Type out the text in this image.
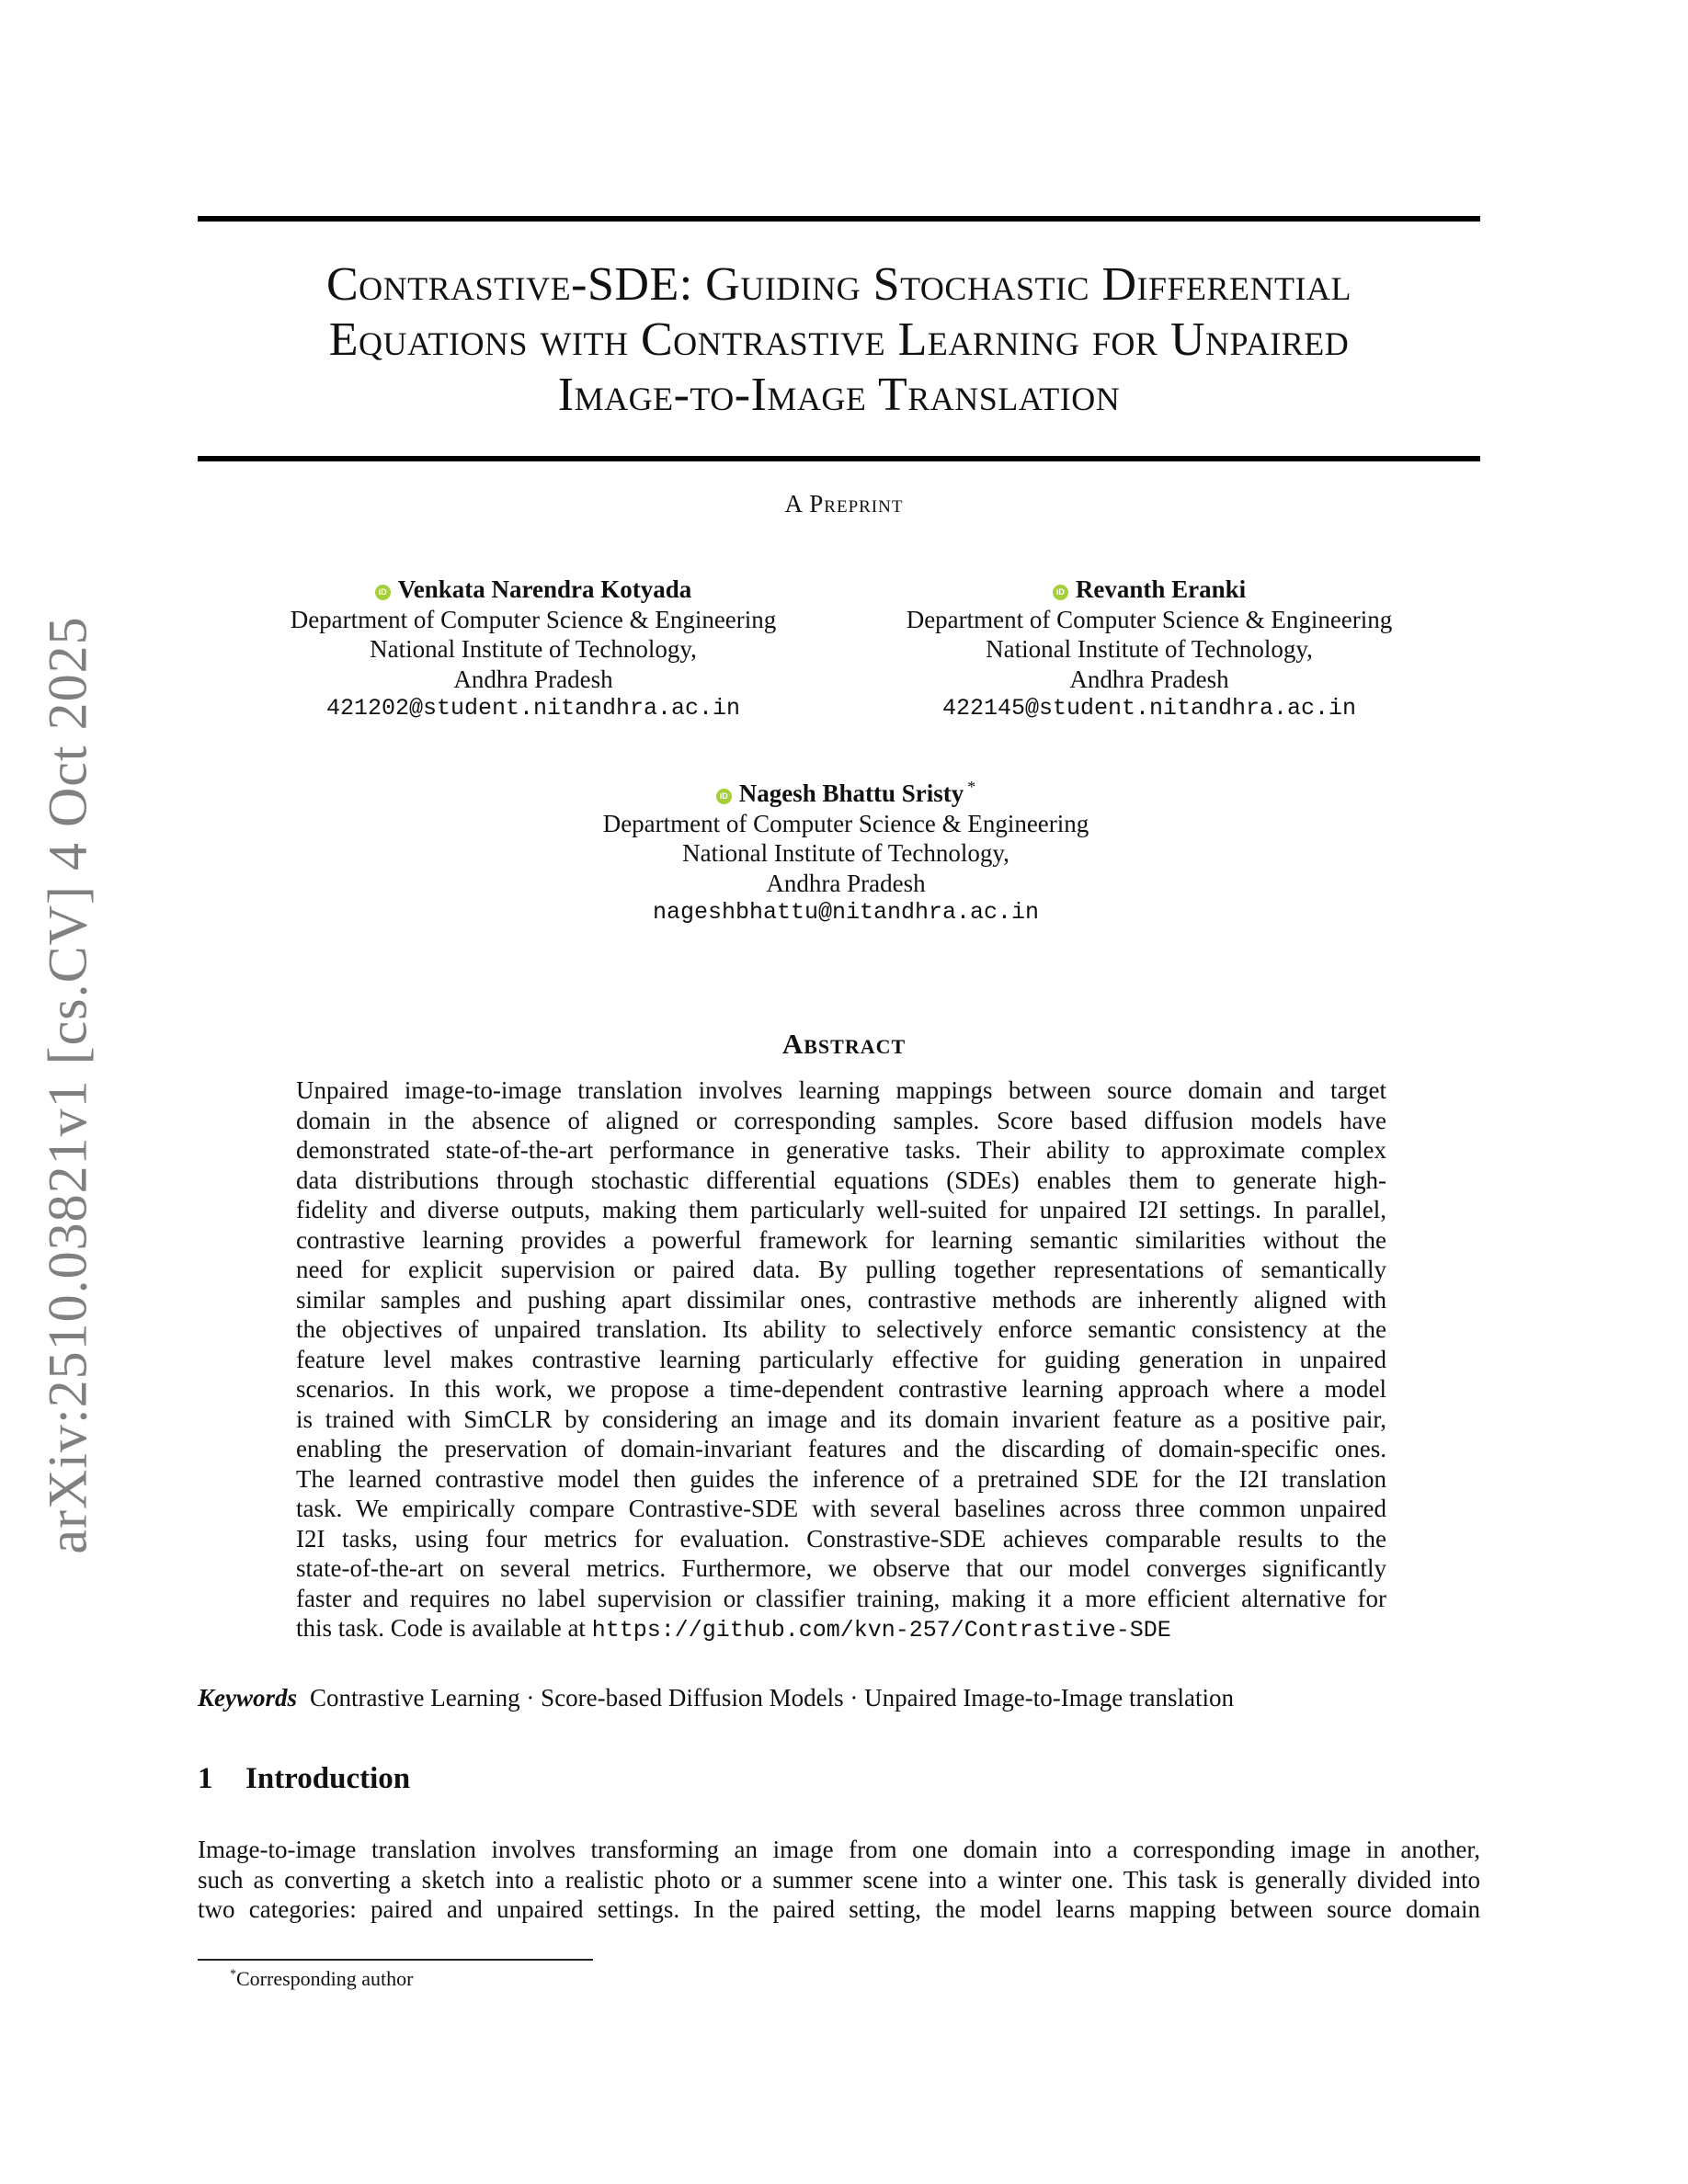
arXiv:2510.03821v1 [cs.CV] 4 Oct 2025
Contrastive-SDE: Guiding Stochastic Differential
Equations with Contrastive Learning for Unpaired
Image-to-Image Translation
A Preprint
iD Venkata Narendra Kotyada
Department of Computer Science & Engineering
National Institute of Technology,
Andhra Pradesh
421202@student.nitandhra.ac.in
iD Revanth Eranki
Department of Computer Science & Engineering
National Institute of Technology,
Andhra Pradesh
422145@student.nitandhra.ac.in
iD Nagesh Bhattu Sristy *
Department of Computer Science & Engineering
National Institute of Technology,
Andhra Pradesh
nageshbhattu@nitandhra.ac.in
Abstract
Unpaired image-to-image translation involves learning mappings between source domain and target
domain in the absence of aligned or corresponding samples. Score based diffusion models have
demonstrated state-of-the-art performance in generative tasks. Their ability to approximate complex
data distributions through stochastic differential equations (SDEs) enables them to generate high-
fidelity and diverse outputs, making them particularly well-suited for unpaired I2I settings. In parallel,
contrastive learning provides a powerful framework for learning semantic similarities without the
need for explicit supervision or paired data. By pulling together representations of semantically
similar samples and pushing apart dissimilar ones, contrastive methods are inherently aligned with
the objectives of unpaired translation. Its ability to selectively enforce semantic consistency at the
feature level makes contrastive learning particularly effective for guiding generation in unpaired
scenarios. In this work, we propose a time-dependent contrastive learning approach where a model
is trained with SimCLR by considering an image and its domain invarient feature as a positive pair,
enabling the preservation of domain-invariant features and the discarding of domain-specific ones.
The learned contrastive model then guides the inference of a pretrained SDE for the I2I translation
task. We empirically compare Contrastive-SDE with several baselines across three common unpaired
I2I tasks, using four metrics for evaluation. Constrastive-SDE achieves comparable results to the
state-of-the-art on several metrics. Furthermore, we observe that our model converges significantly
faster and requires no label supervision or classifier training, making it a more efficient alternative for
this task. Code is available at https://github.com/kvn-257/Contrastive-SDE
Keywords Contrastive Learning · Score-based Diffusion Models · Unpaired Image-to-Image translation
1 Introduction
Image-to-image translation involves transforming an image from one domain into a corresponding image in another,
such as converting a sketch into a realistic photo or a summer scene into a winter one. This task is generally divided into
two categories: paired and unpaired settings. In the paired setting, the model learns mapping between source domain
*Corresponding author
